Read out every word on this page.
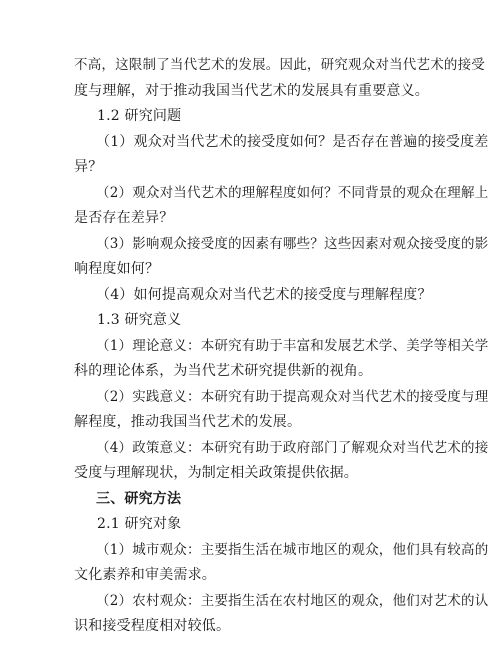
不高，这限制了当代艺术的发展。因此，研究观众对当代艺术的接受
度与理解，对于推动我国当代艺术的发展具有重要意义。
1.2 研究问题
（1）观众对当代艺术的接受度如何？是否存在普遍的接受度差
异？
（2）观众对当代艺术的理解程度如何？不同背景的观众在理解上
是否存在差异？
（3）影响观众接受度的因素有哪些？这些因素对观众接受度的影
响程度如何？
（4）如何提高观众对当代艺术的接受度与理解程度？
1.3 研究意义
（1）理论意义：本研究有助于丰富和发展艺术学、美学等相关学
科的理论体系，为当代艺术研究提供新的视角。
（2）实践意义：本研究有助于提高观众对当代艺术的接受度与理
解程度，推动我国当代艺术的发展。
（4）政策意义：本研究有助于政府部门了解观众对当代艺术的接
受度与理解现状，为制定相关政策提供依据。
三、研究方法
2.1 研究对象
（1）城市观众：主要指生活在城市地区的观众，他们具有较高的
文化素养和审美需求。
（2）农村观众：主要指生活在农村地区的观众，他们对艺术的认
识和接受程度相对较低。
